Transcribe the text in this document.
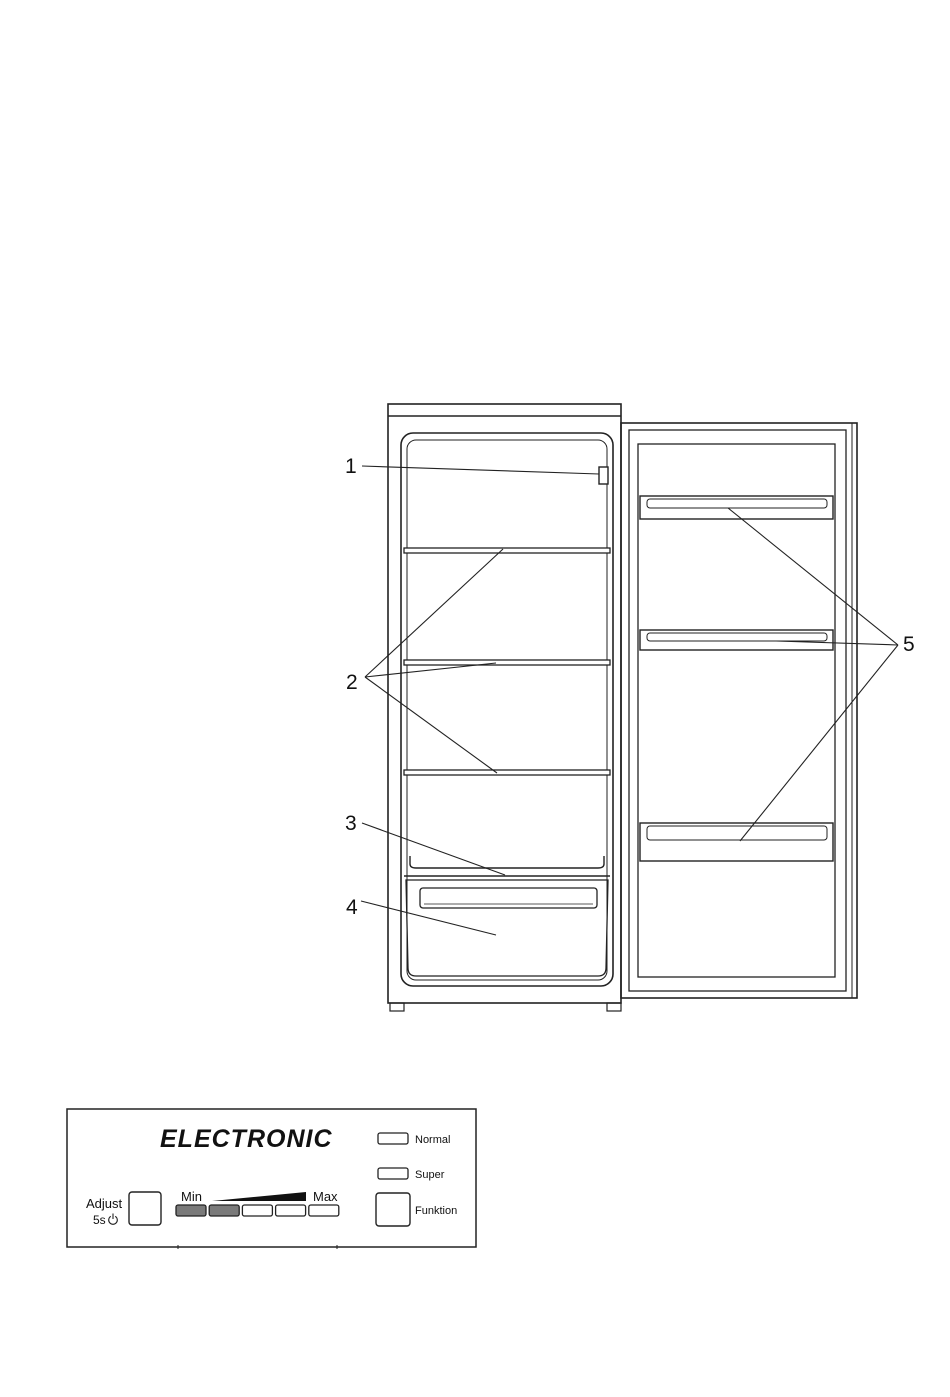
1
2
3
4
5
ELECTRONIC
Adjust
5s
Min	Max
Normal
Super
Funktion
